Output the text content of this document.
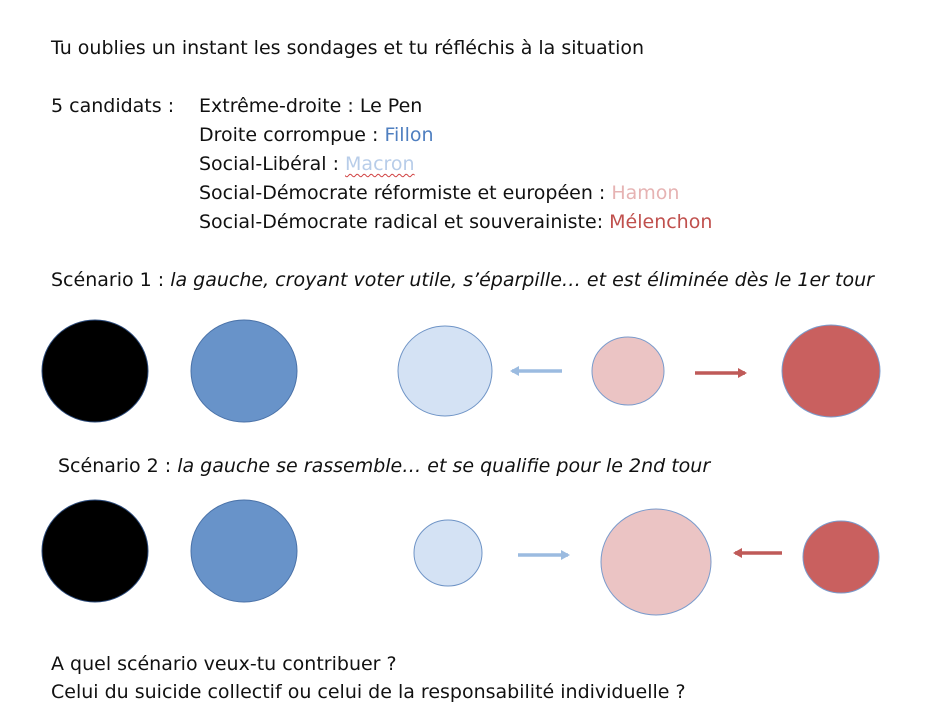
Tu oublies un instant les sondages et tu réfléchis à la situation
5 candidats : Extrême-droite : Le Pen
Droite corrompue : Fillon
Social-Libéral : Macron
Social-Démocrate réformiste et européen : Hamon
Social-Démocrate radical et souverainiste: Mélenchon
Scénario 1 : la gauche, croyant voter utile, s’éparpille… et est éliminée dès le 1er tour
Scénario 2 : la gauche se rassemble… et se qualifie pour le 2nd tour
A quel scénario veux-tu contribuer ?
Celui du suicide collectif ou celui de la responsabilité individuelle ?
